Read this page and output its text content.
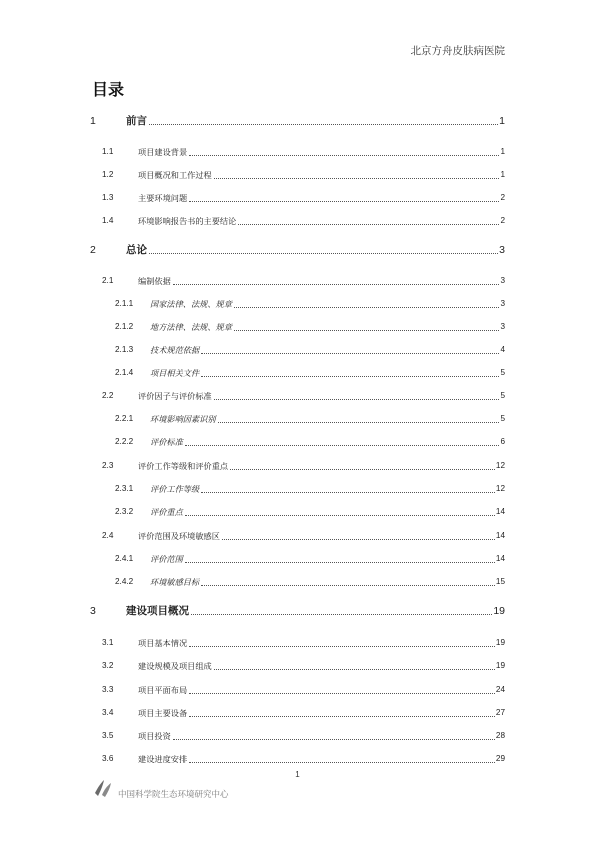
北京方舟皮肤病医院
目录
1	前言	1
1.1	项目建设背景	1
1.2	项目概况和工作过程	1
1.3	主要环境问题	2
1.4	环境影响报告书的主要结论	2
2	总论	3
2.1	编制依据	3
2.1.1	国家法律、法规、规章	3
2.1.2	地方法律、法规、规章	3
2.1.3	技术规范依据	4
2.1.4	项目相关文件	5
2.2	评价因子与评价标准	5
2.2.1	环境影响因素识别	5
2.2.2	评价标准	6
2.3	评价工作等级和评价重点	12
2.3.1	评价工作等级	12
2.3.2	评价重点	14
2.4	评价范围及环境敏感区	14
2.4.1	评价范围	14
2.4.2	环境敏感目标	15
3	建设项目概况	19
3.1	项目基本情况	19
3.2	建设规模及项目组成	19
3.3	项目平面布局	24
3.4	项目主要设备	27
3.5	项目投资	28
3.6	建设进度安排	29
1
中国科学院生态环境研究中心
